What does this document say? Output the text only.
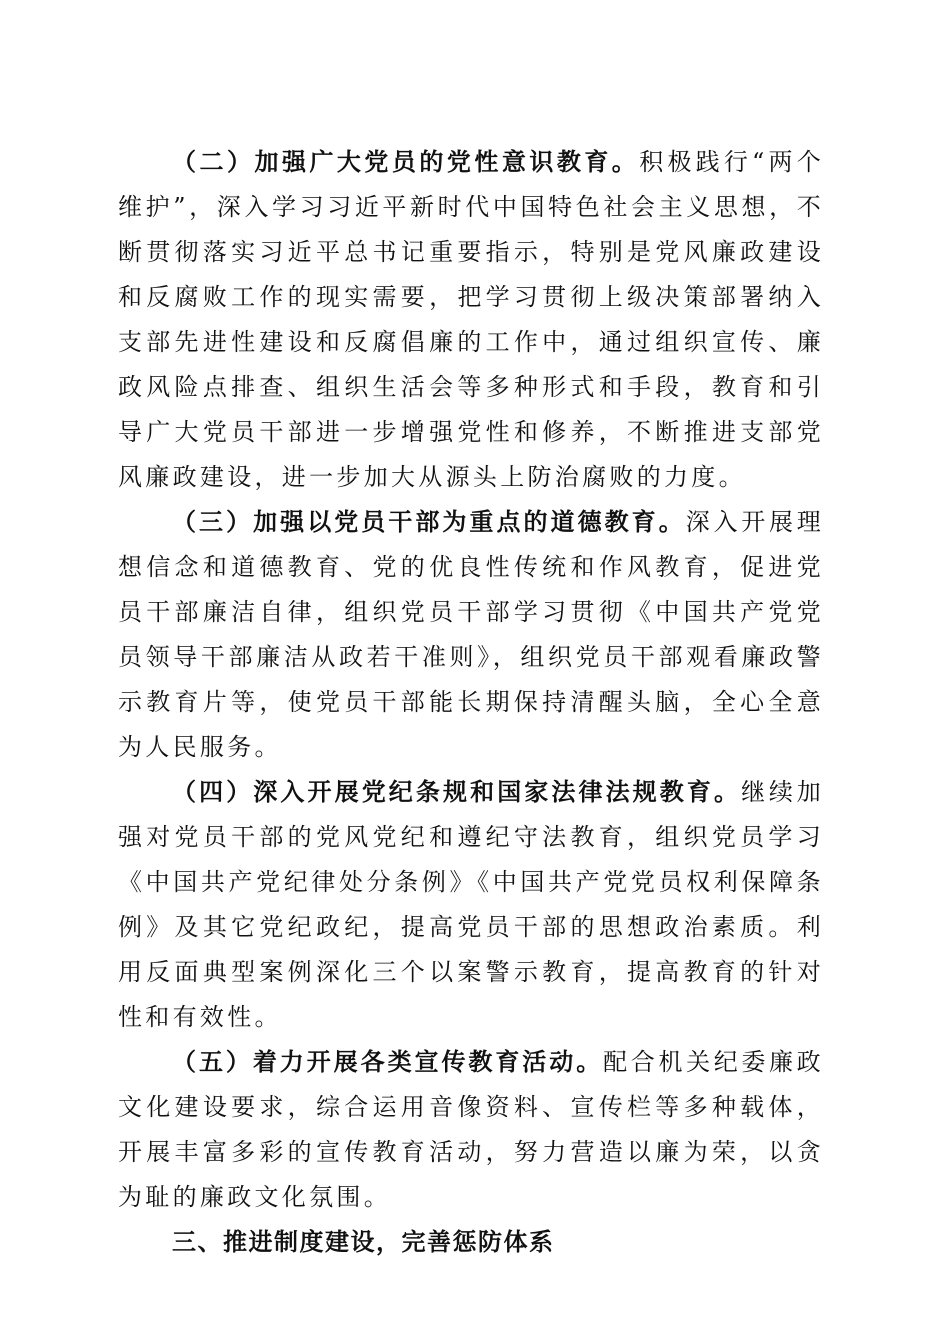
（二）加强广大党员的党性意识教育。积极践行“两个维护”，深入学习习近平新时代中国特色社会主义思想，不断贯彻落实习近平总书记重要指示，特别是党风廉政建设和反腐败工作的现实需要，把学习贯彻上级决策部署纳入支部先进性建设和反腐倡廉的工作中，通过组织宣传、廉政风险点排查、组织生活会等多种形式和手段，教育和引导广大党员干部进一步增强党性和修养，不断推进支部党风廉政建设，进一步加大从源头上防治腐败的力度。

（三）加强以党员干部为重点的道德教育。深入开展理想信念和道德教育、党的优良性传统和作风教育，促进党员干部廉洁自律，组织党员干部学习贯彻《中国共产党党员领导干部廉洁从政若干准则》，组织党员干部观看廉政警示教育片等，使党员干部能长期保持清醒头脑，全心全意为人民服务。

（四）深入开展党纪条规和国家法律法规教育。继续加强对党员干部的党风党纪和遵纪守法教育，组织党员学习《中国共产党纪律处分条例》《中国共产党党员权利保障条例》及其它党纪政纪，提高党员干部的思想政治素质。利用反面典型案例深化三个以案警示教育，提高教育的针对性和有效性。

（五）着力开展各类宣传教育活动。配合机关纪委廉政文化建设要求，综合运用音像资料、宣传栏等多种载体，开展丰富多彩的宣传教育活动，努力营造以廉为荣，以贪为耻的廉政文化氛围。

三、推进制度建设，完善惩防体系
